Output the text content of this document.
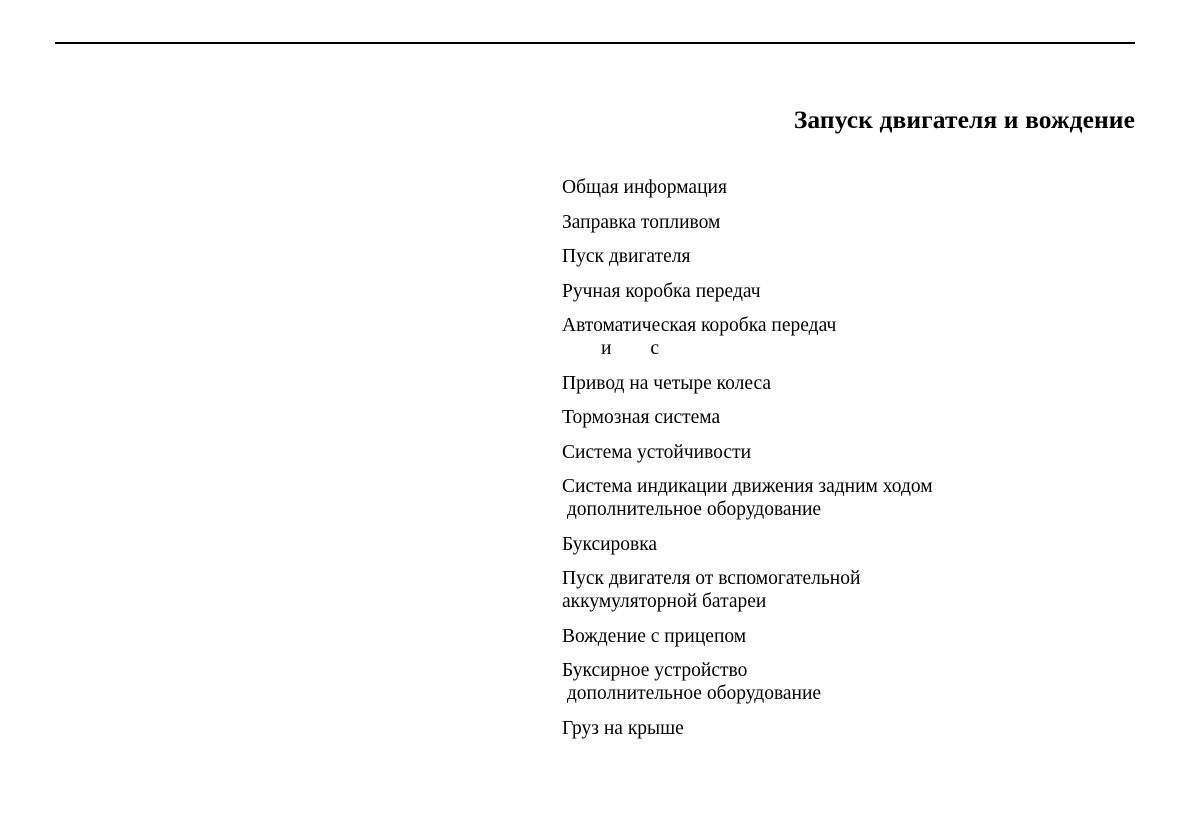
Запуск двигателя и вождение
Общая информация
Заправка топливом
Пуск двигателя
Ручная коробка передач
Автоматическая коробка передач
и        с
Привод на четыре колеса
Тормозная система
Система устойчивости
Система индикации движения задним ходом
дополнительное оборудование
Буксировка
Пуск двигателя от вспомогательной
аккумуляторной батареи
Вождение с прицепом
Буксирное устройство
дополнительное оборудование
Груз на крыше
